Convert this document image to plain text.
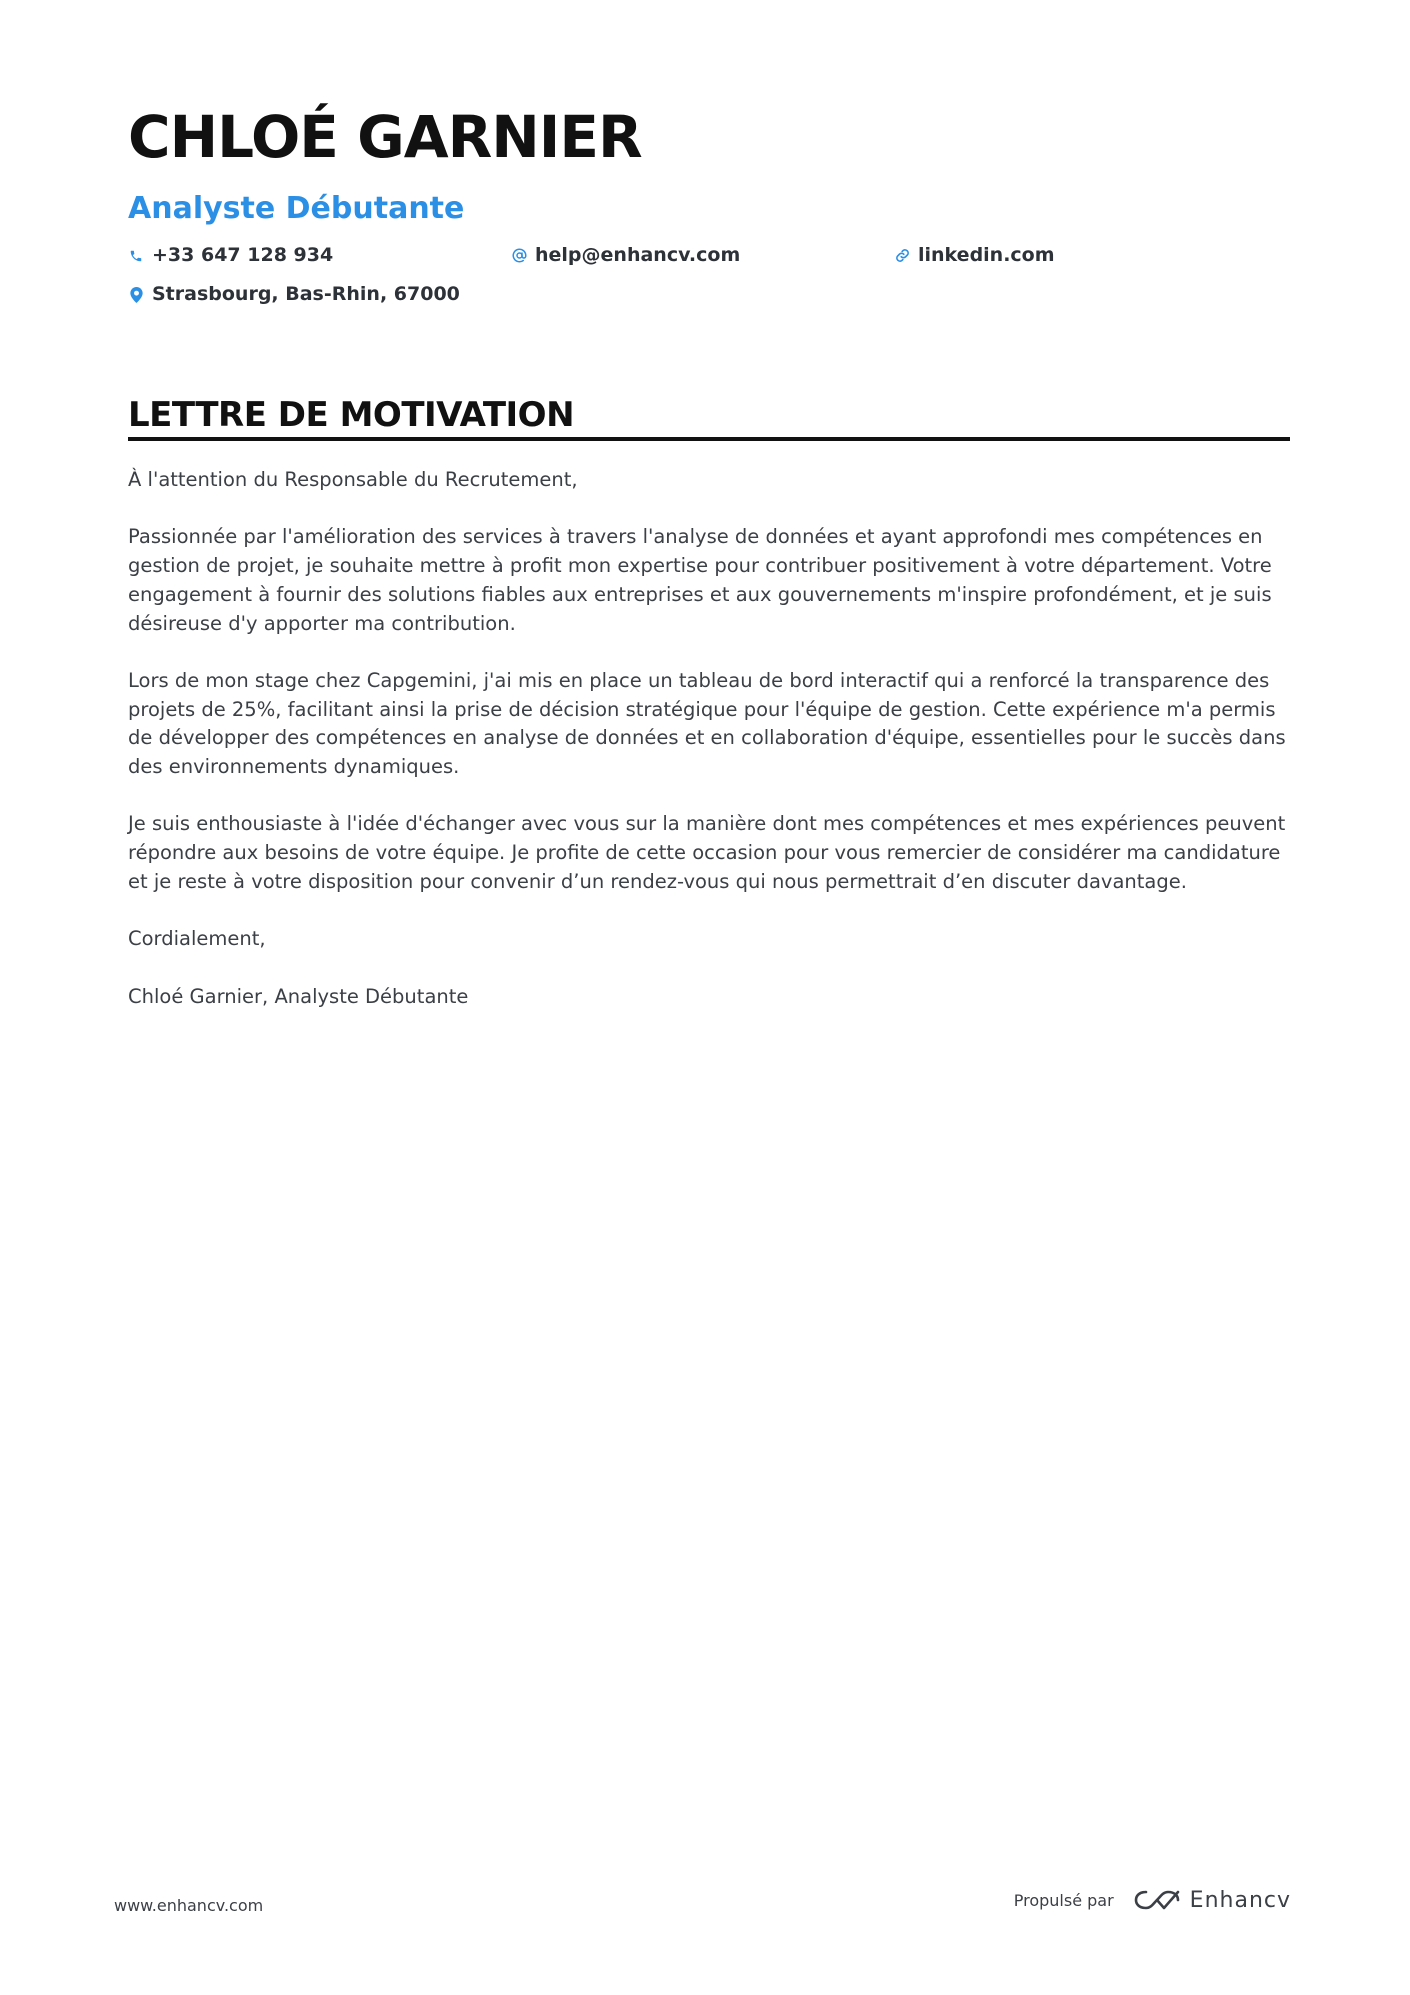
CHLOÉ GARNIER
Analyste Débutante
+33 647 128 934	help@enhancv.com	linkedin.com
Strasbourg, Bas-Rhin, 67000
LETTRE DE MOTIVATION

À l'attention du Responsable du Recrutement,

Passionnée par l'amélioration des services à travers l'analyse de données et ayant approfondi mes compétences en gestion de projet, je souhaite mettre à profit mon expertise pour contribuer positivement à votre département. Votre engagement à fournir des solutions fiables aux entreprises et aux gouvernements m'inspire profondément, et je suis désireuse d'y apporter ma contribution.

Lors de mon stage chez Capgemini, j'ai mis en place un tableau de bord interactif qui a renforcé la transparence des projets de 25%, facilitant ainsi la prise de décision stratégique pour l'équipe de gestion. Cette expérience m'a permis de développer des compétences en analyse de données et en collaboration d'équipe, essentielles pour le succès dans des environnements dynamiques.

Je suis enthousiaste à l'idée d'échanger avec vous sur la manière dont mes compétences et mes expériences peuvent répondre aux besoins de votre équipe. Je profite de cette occasion pour vous remercier de considérer ma candidature et je reste à votre disposition pour convenir d’un rendez-vous qui nous permettrait d’en discuter davantage.

Cordialement,

Chloé Garnier, Analyste Débutante

www.enhancv.com	Propulsé par	Enhancv
